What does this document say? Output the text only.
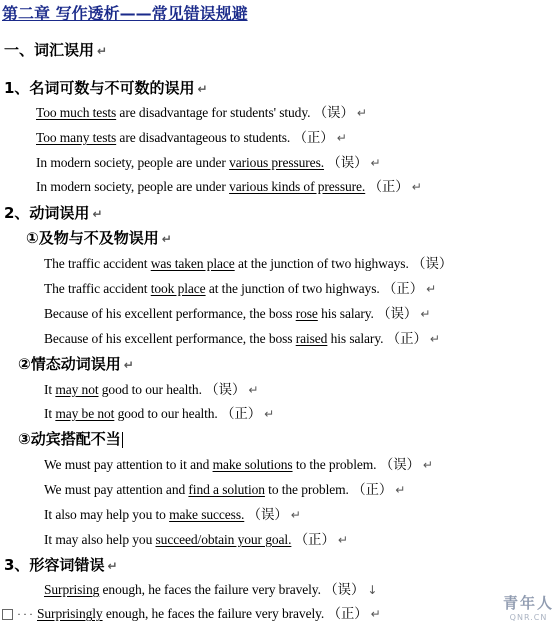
第二章 写作透析——常见错误规避
一、词汇误用 ↵
1、名词可数与不可数的误用 ↵
Too much tests are disadvantage for students' study. （误） ↵
Too many tests are disadvantageous to students. （正） ↵
In modern society, people are under various pressures. （误） ↵
In modern society, people are under various kinds of pressure. （正） ↵
2、动词误用 ↵
①及物与不及物误用 ↵
The traffic accident was taken place at the junction of two highways. （误）
The traffic accident took place at the junction of two highways. （正） ↵
Because of his excellent performance, the boss rose his salary. （误） ↵
Because of his excellent performance, the boss raised his salary. （正） ↵
②情态动词误用 ↵
It may not good to our health. （误） ↵
It may be not good to our health. （正） ↵
③动宾搭配不当
We must pay attention to it and make solutions to the problem. （误） ↵
We must pay attention and find a solution to the problem. （正） ↵
It also may help you to make success. （误） ↵
It may also help you succeed/obtain your goal. （正） ↵
3、形容词错误 ↵
Surprising enough, he faces the failure very bravely. （误） ↓
··· Surprisingly enough, he faces the failure very bravely. （正） ↵
青年人
QNR.CN
